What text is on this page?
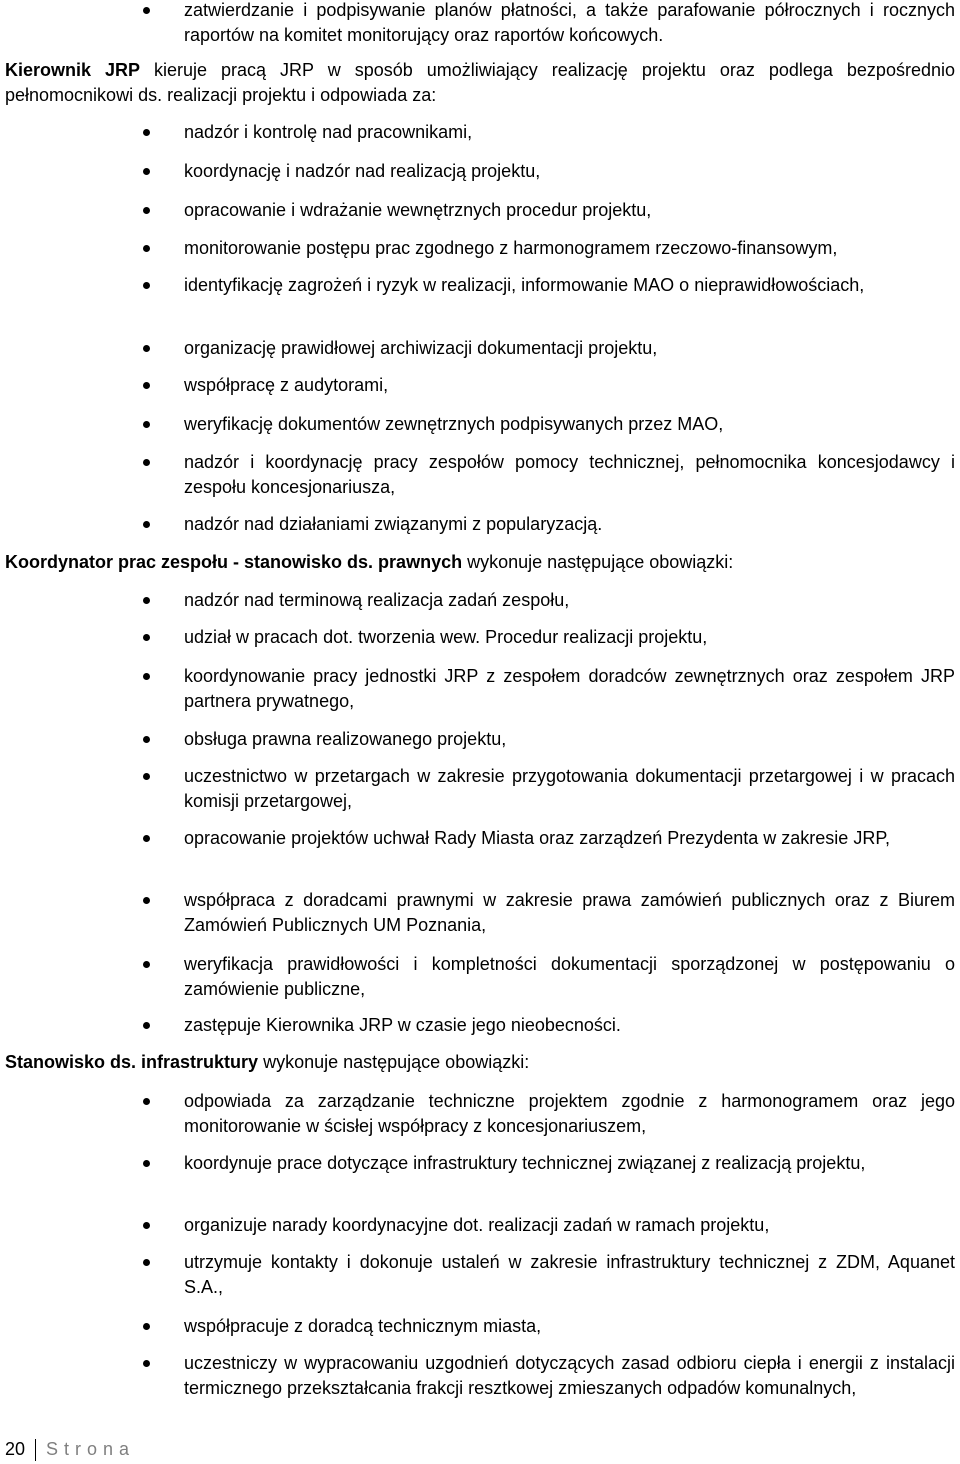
zatwierdzanie i podpisywanie planów płatności, a także parafowanie półrocznych i rocznych raportów na komitet monitorujący oraz raportów końcowych.
Kierownik JRP kieruje pracą JRP w sposób umożliwiający realizację projektu oraz podlega bezpośrednio pełnomocnikowi ds. realizacji projektu i odpowiada za:
nadzór i kontrolę nad pracownikami,
koordynację i nadzór nad realizacją projektu,
opracowanie i wdrażanie wewnętrznych procedur projektu,
monitorowanie postępu prac zgodnego z harmonogramem rzeczowo-finansowym,
identyfikację zagrożeń i ryzyk w realizacji, informowanie MAO o nieprawidłowościach,
organizację prawidłowej archiwizacji dokumentacji projektu,
współpracę z audytorami,
weryfikację dokumentów zewnętrznych podpisywanych przez MAO,
nadzór i koordynację pracy zespołów pomocy technicznej, pełnomocnika koncesjodawcy i zespołu koncesjonariusza,
nadzór nad działaniami związanymi z popularyzacją.
Koordynator prac zespołu - stanowisko ds. prawnych wykonuje następujące obowiązki:
nadzór nad terminową realizacja zadań zespołu,
udział w pracach dot. tworzenia wew. Procedur realizacji projektu,
koordynowanie pracy jednostki JRP z zespołem doradców zewnętrznych oraz zespołem JRP partnera prywatnego,
obsługa prawna realizowanego projektu,
uczestnictwo w przetargach w zakresie przygotowania dokumentacji przetargowej i w pracach komisji przetargowej,
opracowanie projektów uchwał Rady Miasta oraz zarządzeń Prezydenta w zakresie JRP,
współpraca z doradcami prawnymi w zakresie prawa zamówień publicznych oraz z Biurem Zamówień Publicznych UM Poznania,
weryfikacja prawidłowości i kompletności dokumentacji sporządzonej w postępowaniu o zamówienie publiczne,
zastępuje Kierownika JRP w czasie jego nieobecności.
Stanowisko ds. infrastruktury wykonuje następujące obowiązki:
odpowiada za zarządzanie techniczne projektem zgodnie z harmonogramem oraz jego monitorowanie w ścisłej współpracy z koncesjonariuszem,
koordynuje prace dotyczące infrastruktury technicznej związanej z realizacją projektu,
organizuje narady koordynacyjne dot. realizacji zadań w ramach projektu,
utrzymuje kontakty i dokonuje ustaleń w zakresie infrastruktury technicznej z ZDM, Aquanet S.A.,
współpracuje z doradcą technicznym miasta,
uczestniczy w wypracowaniu uzgodnień dotyczących zasad odbioru ciepła i energii z instalacji termicznego przekształcania frakcji resztkowej zmieszanych odpadów komunalnych,
20 Strona
